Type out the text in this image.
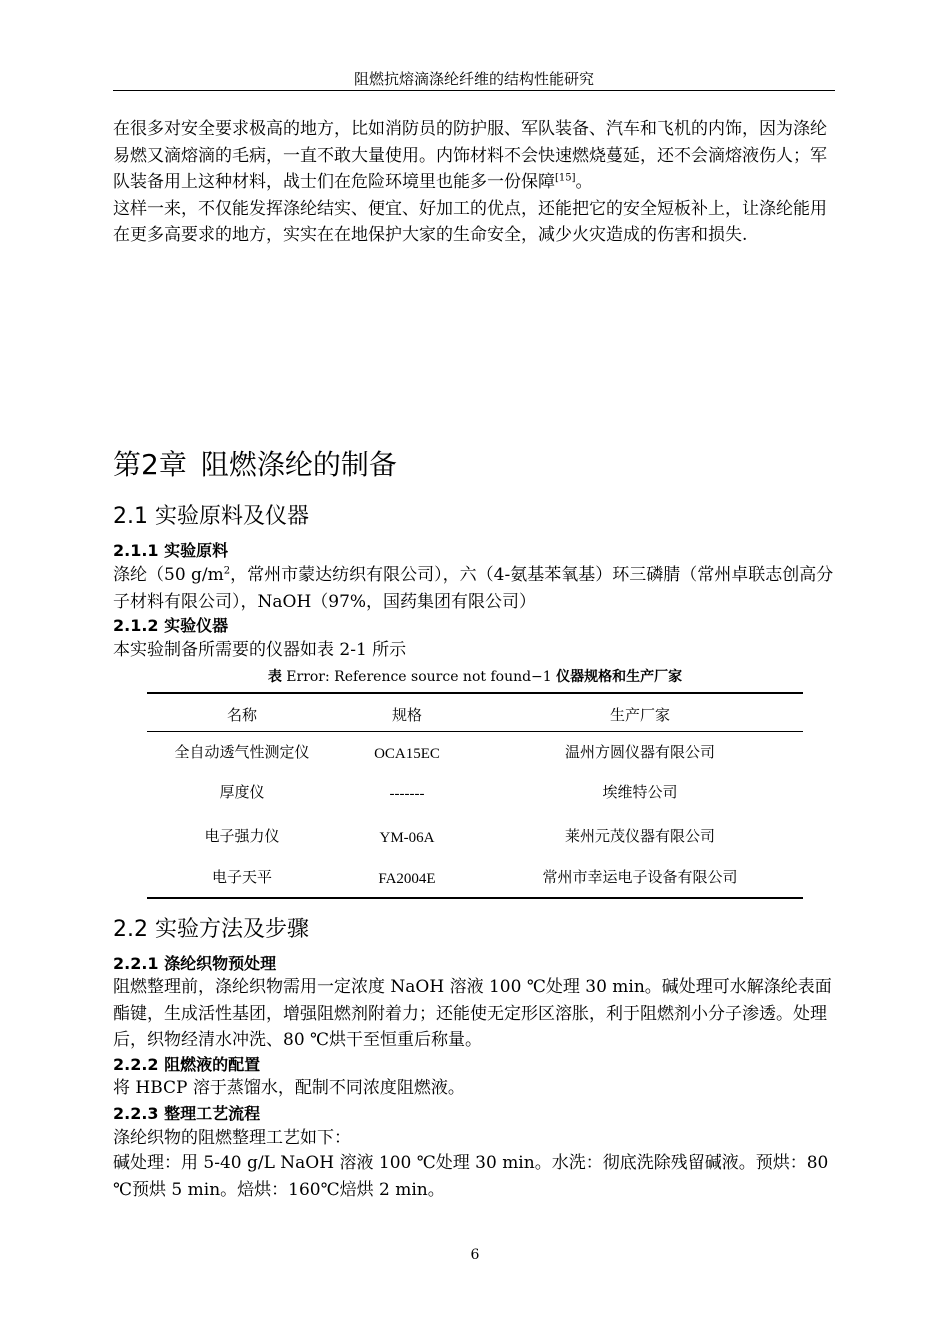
阻燃抗熔滴涤纶纤维的结构性能研究
在很多对安全要求极高的地方，比如消防员的防护服、军队装备、汽车和飞机的内饰，因为涤纶易燃又滴熔滴的毛病，一直不敢大量使用。内饰材料不会快速燃烧蔓延，还不会滴熔液伤人；军队装备用上这种材料，战士们在危险环境里也能多一份保障[15]。
这样一来，不仅能发挥涤纶结实、便宜、好加工的优点，还能把它的安全短板补上，让涤纶能用在更多高要求的地方，实实在在地保护大家的生命安全，减少火灾造成的伤害和损失.
第2章 阻燃涤纶的制备
2.1 实验原料及仪器
2.1.1 实验原料
涤纶（50 $g/m^2$，常州市蒙达纺织有限公司），六（4-氨基苯氧基）环三磷腈（常州卓联志创高分子材料有限公司），NaOH（97%，国药集团有限公司）
2.1.2 实验仪器
本实验制备所需要的仪器如表 2-1 所示
表 Error: Reference source not found−1 仪器规格和生产厂家
名称	规格	生产厂家
全自动透气性测定仪	OCA15EC	温州方圆仪器有限公司
厚度仪	-------	埃维特公司
电子强力仪	YM-06A	莱州元茂仪器有限公司
电子天平	FA2004E	常州市幸运电子设备有限公司
2.2 实验方法及步骤
2.2.1 涤纶织物预处理
阻燃整理前，涤纶织物需用一定浓度 NaOH 溶液 100 ℃处理 30 min。碱处理可水解涤纶表面酯键，生成活性基团，增强阻燃剂附着力；还能使无定形区溶胀，利于阻燃剂小分子渗透。处理后，织物经清水冲洗、80 ℃烘干至恒重后称量。
2.2.2 阻燃液的配置
将 HBCP 溶于蒸馏水，配制不同浓度阻燃液。
2.2.3 整理工艺流程
涤纶织物的阻燃整理工艺如下：
碱处理：用 5-40 g/L NaOH 溶液 100 ℃处理 30 min。水洗：彻底洗除残留碱液。预烘：80 ℃预烘 5 min。焙烘：160℃焙烘 2 min。
6
